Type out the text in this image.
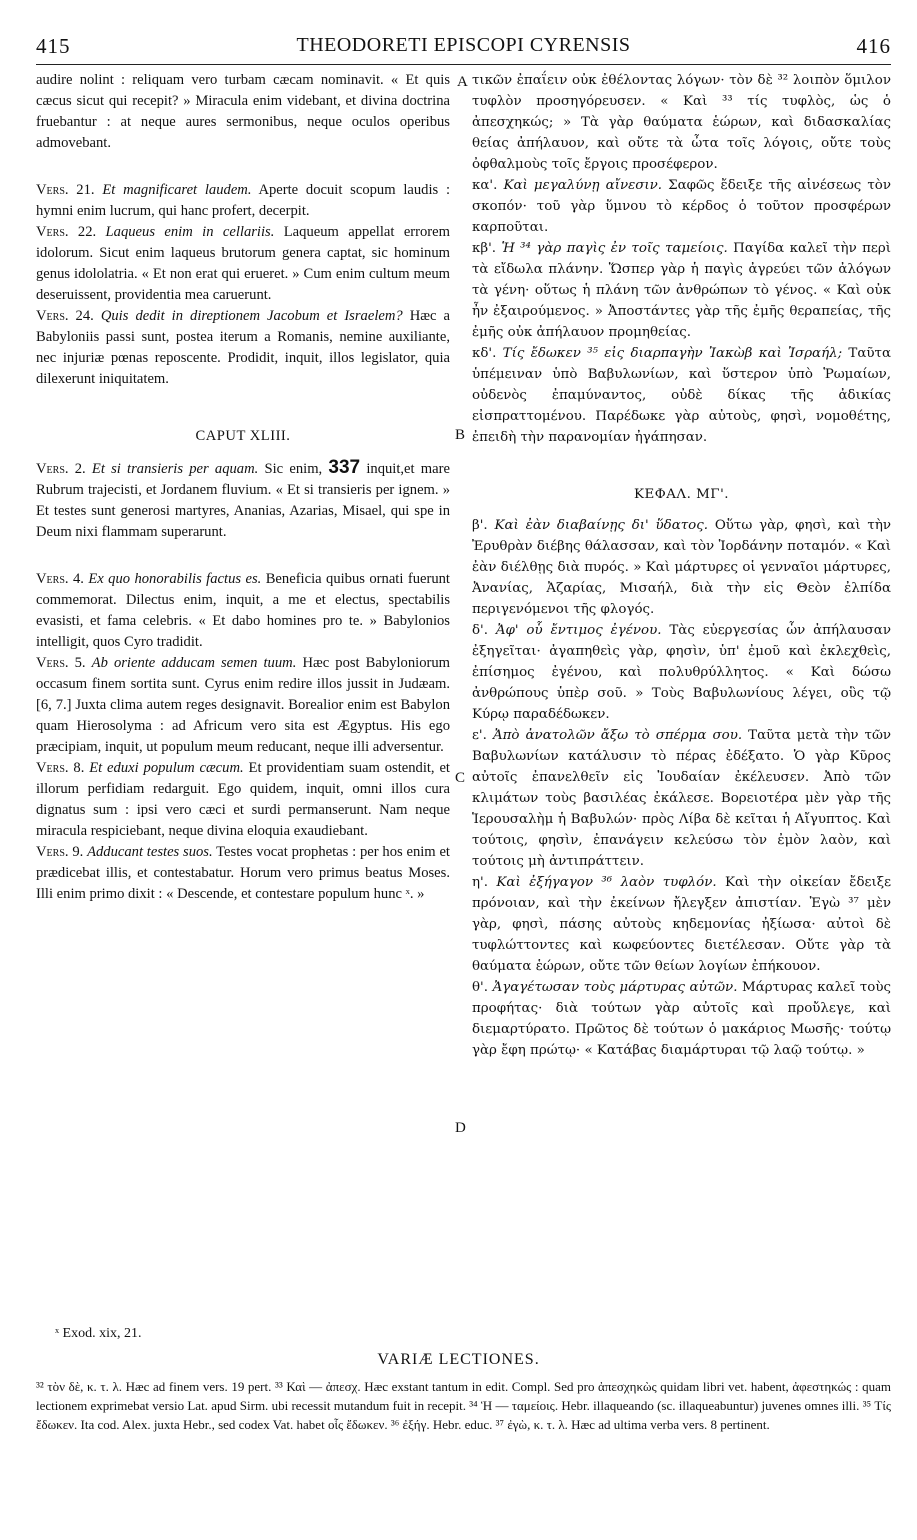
415	THEODORETI EPISCOPI CYRENSIS	416
A
B
C
D

audire nolint : reliquam vero turbam cæcam nominavit. « Et quis cæcus sicut qui recepit? » Miracula enim videbant, et divina doctrina fruebantur : at neque aures sermonibus, neque oculos operibus admovebant.

Vers. 21. Et magnificaret laudem. Aperte docuit scopum laudis : hymni enim lucrum, qui hanc profert, decerpit.

Vers. 22. Laqueus enim in cellariis. Laqueum appellat errorem idolorum. Sicut enim laqueus brutorum genera captat, sic hominum genus idololatria. « Et non erat qui erueret. » Cum enim cultum meum deseruissent, providentia mea caruerunt.

Vers. 24. Quis dedit in direptionem Jacobum et Israelem? Hæc a Babyloniis passi sunt, postea iterum a Romanis, nemine auxiliante, nec injuriæ pœnas reposcente. Prodidit, inquit, illos legislator, quia dilexerunt iniquitatem.

CAPUT XLIII.

Vers. 2. Et si transieris per aquam. Sic enim, 337 inquit,et mare Rubrum trajecisti, et Jordanem fluvium. « Et si transieris per ignem. » Et testes sunt generosi martyres, Ananias, Azarias, Misael, qui spe in Deum nixi flammam superarunt.

Vers. 4. Ex quo honorabilis factus es. Beneficia quibus ornati fuerunt commemorat. Dilectus enim, inquit, a me et electus, spectabilis evasisti, et fama celebris. « Et dabo homines pro te. » Babylonios intelligit, quos Cyro tradidit.

Vers. 5. Ab oriente adducam semen tuum. Hæc post Babyloniorum occasum finem sortita sunt. Cyrus enim redire illos jussit in Judæam. [6, 7.] Juxta clima autem reges designavit. Borealior enim est Babylon quam Hierosolyma : ad Africum vero sita est Ægyptus. His ego præcipiam, inquit, ut populum meum reducant, neque illi adversentur.

Vers. 8. Et eduxi populum cæcum. Et providentiam suam ostendit, et illorum perfidiam redarguit. Ego quidem, inquit, omni illos cura dignatus sum : ipsi vero cæci et surdi permanserunt. Nam neque miracula respiciebant, neque divina eloquia exaudiebant.

Vers. 9. Adducant testes suos. Testes vocat prophetas : per hos enim et prædicebat illis, et contestabatur. Horum vero primus beatus Moses. Illi enim primo dixit : « Descende, et contestare populum hunc ˣ. »

τικῶν ἐπαΐειν οὐκ ἐθέλοντας λόγων· τὸν δὲ ³² λοιπὸν ὅμιλον τυφλὸν προσηγόρευσεν. « Καὶ ³³ τίς τυφλὸς, ὡς ὁ ἀπεσχηκώς; » Τὰ γὰρ θαύματα ἑώρων, καὶ διδασκαλίας θείας ἀπήλαυον, καὶ οὔτε τὰ ὦτα τοῖς λόγοις, οὔτε τοὺς ὀφθαλμοὺς τοῖς ἔργοις προσέφερον.

κα'. Καὶ μεγαλύνῃ αἴνεσιν. Σαφῶς ἔδειξε τῆς αἰνέσεως τὸν σκοπόν· τοῦ γὰρ ὕμνου τὸ κέρδος ὁ τοῦτον προσφέρων καρποῦται.

κβ'. Ἡ ³⁴ γὰρ παγὶς ἐν τοῖς ταμείοις. Παγίδα καλεῖ τὴν περὶ τὰ εἴδωλα πλάνην. Ὥσπερ γὰρ ἡ παγὶς ἀγρεύει τῶν ἀλόγων τὰ γένη· οὕτως ἡ πλάνη τῶν ἀνθρώπων τὸ γένος. « Καὶ οὐκ ἦν ἐξαιρούμενος. » Ἀποστάντες γὰρ τῆς ἐμῆς θεραπείας, τῆς ἐμῆς οὐκ ἀπήλαυον προμηθείας.

κδ'. Τίς ἔδωκεν ³⁵ εἰς διαρπαγὴν Ἰακὼβ καὶ Ἰσραήλ; Ταῦτα ὑπέμειναν ὑπὸ Βαβυλωνίων, καὶ ὕστερον ὑπὸ Ῥωμαίων, οὐδενὸς ἐπαμύναντος, οὐδὲ δίκας τῆς ἀδικίας εἰσπραττομένου. Παρέδωκε γὰρ αὐτοὺς, φησὶ, νομοθέτης, ἐπειδὴ τὴν παρανομίαν ἠγάπησαν.

ΚΕΦΑΛ. ΜΓ'.

β'. Καὶ ἐὰν διαβαίνῃς δι' ὕδατος. Οὕτω γὰρ, φησὶ, καὶ τὴν Ἐρυθρὰν διέβης θάλασσαν, καὶ τὸν Ἰορδάνην ποταμόν. « Καὶ ἐὰν διέλθῃς διὰ πυρός. » Καὶ μάρτυρες οἱ γενναῖοι μάρτυρες, Ἀνανίας, Ἀζαρίας, Μισαήλ, διὰ τὴν εἰς Θεὸν ἐλπίδα περιγενόμενοι τῆς φλογός.

δ'. Ἀφ' οὗ ἔντιμος ἐγένου. Τὰς εὐεργεσίας ὧν ἀπήλαυσαν ἐξηγεῖται· ἀγαπηθεὶς γὰρ, φησὶν, ὑπ' ἐμοῦ καὶ ἐκλεχθεὶς, ἐπίσημος ἐγένου, καὶ πολυθρύλλητος. « Καὶ δώσω ἀνθρώπους ὑπὲρ σοῦ. » Τοὺς Βαβυλωνίους λέγει, οὓς τῷ Κύρῳ παραδέδωκεν.

ε'. Ἀπὸ ἀνατολῶν ἄξω τὸ σπέρμα σου. Ταῦτα μετὰ τὴν τῶν Βαβυλωνίων κατάλυσιν τὸ πέρας ἐδέξατο. Ὁ γὰρ Κῦρος αὐτοῖς ἐπανελθεῖν εἰς Ἰουδαίαν ἐκέλευσεν. Ἀπὸ τῶν κλιμάτων τοὺς βασιλέας ἐκάλεσε. Βορειοτέρα μὲν γὰρ τῆς Ἱερουσαλὴμ ἡ Βαβυλών· πρὸς Λίβα δὲ κεῖται ἡ Αἴγυπτος. Καὶ τούτοις, φησὶν, ἐπανάγειν κελεύσω τὸν ἐμὸν λαὸν, καὶ τούτοις μὴ ἀντιπράττειν.

η'. Καὶ ἐξήγαγον ³⁶ λαὸν τυφλόν. Καὶ τὴν οἰκείαν ἔδειξε πρόνοιαν, καὶ τὴν ἐκείνων ἤλεγξεν ἀπιστίαν. Ἐγὼ ³⁷ μὲν γὰρ, φησὶ, πάσης αὐτοὺς κηδεμονίας ἠξίωσα· αὐτοὶ δὲ τυφλώττοντες καὶ κωφεύοντες διετέλεσαν. Οὔτε γὰρ τὰ θαύματα ἑώρων, οὔτε τῶν θείων λογίων ἐπήκουον.

θ'. Ἀγαγέτωσαν τοὺς μάρτυρας αὐτῶν. Μάρτυρας καλεῖ τοὺς προφήτας· διὰ τούτων γὰρ αὐτοῖς καὶ προὔλεγε, καὶ διεμαρτύρατο. Πρῶτος δὲ τούτων ὁ μακάριος Μωσῆς· τούτῳ γὰρ ἔφη πρώτῳ· « Κατάβας διαμάρτυραι τῷ λαῷ τούτῳ. »

ˣ Exod. xix, 21.
VARIÆ LECTIONES.
³² τὸν δὲ, κ. τ. λ. Hæc ad finem vers. 19 pert. ³³ Καὶ — ἀπεσχ. Hæc exstant tantum in edit. Compl. Sed pro ἀπεσχηκὼς quidam libri vet. habent, ἀφεστηκώς : quam lectionem exprimebat versio Lat. apud Sirm. ubi recessit mutandum fuit in recepit. ³⁴ Ἡ — ταμείοις. Hebr. illaqueando (sc. illaqueabuntur) juvenes omnes illi. ³⁵ Τίς ἔδωκεν. Ita cod. Alex. juxta Hebr., sed codex Vat. habet οἷς ἔδωκεν. ³⁶ ἐξήγ. Hebr. educ. ³⁷ ἐγὼ, κ. τ. λ. Hæc ad ultima verba vers. 8 pertinent.
